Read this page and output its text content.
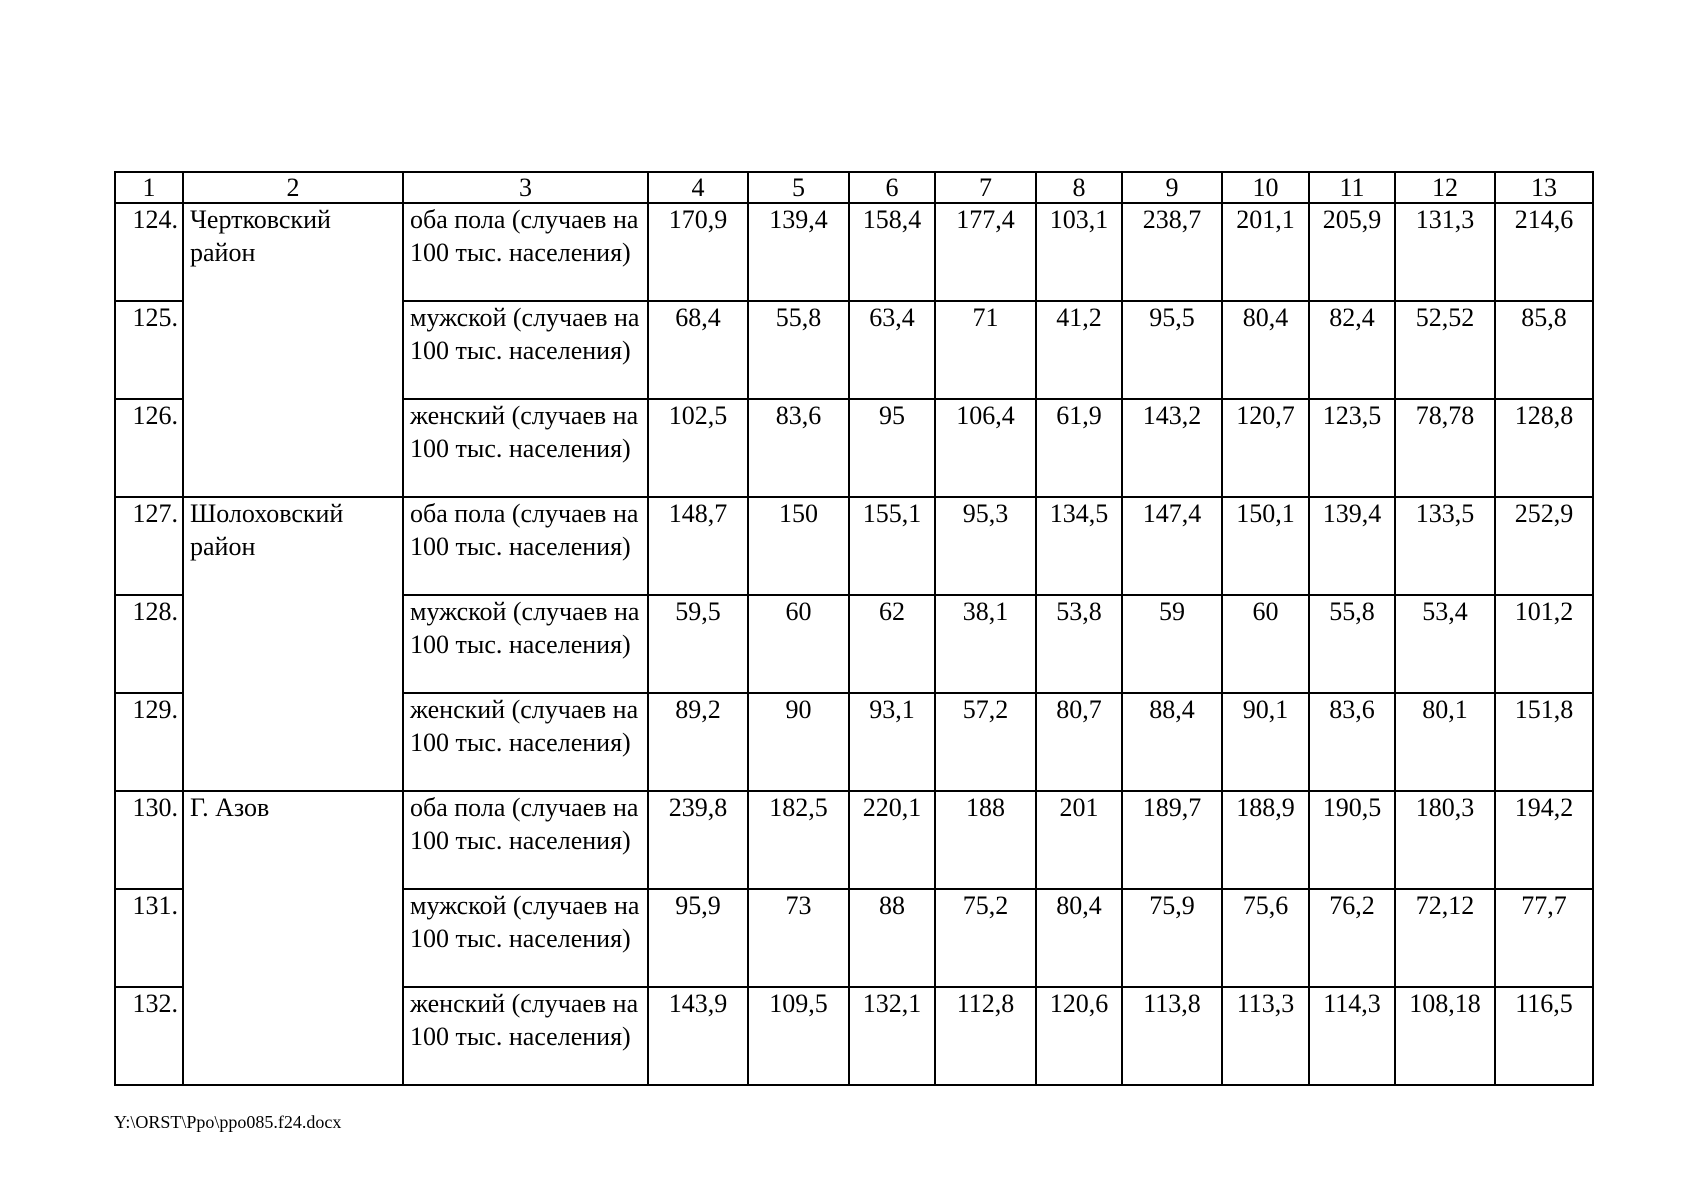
1	2	3	4	5	6	7	8	9	10	11	12	13
124.	Чертковский район	оба пола (случаев на 100 тыс. населения)	170,9	139,4	158,4	177,4	103,1	238,7	201,1	205,9	131,3	214,6
125.		мужской (случаев на 100 тыс. населения)	68,4	55,8	63,4	71	41,2	95,5	80,4	82,4	52,52	85,8
126.		женский (случаев на 100 тыс. населения)	102,5	83,6	95	106,4	61,9	143,2	120,7	123,5	78,78	128,8
127.	Шолоховский район	оба пола (случаев на 100 тыс. населения)	148,7	150	155,1	95,3	134,5	147,4	150,1	139,4	133,5	252,9
128.		мужской (случаев на 100 тыс. населения)	59,5	60	62	38,1	53,8	59	60	55,8	53,4	101,2
129.		женский (случаев на 100 тыс. населения)	89,2	90	93,1	57,2	80,7	88,4	90,1	83,6	80,1	151,8
130.	Г. Азов	оба пола (случаев на 100 тыс. населения)	239,8	182,5	220,1	188	201	189,7	188,9	190,5	180,3	194,2
131.		мужской (случаев на 100 тыс. населения)	95,9	73	88	75,2	80,4	75,9	75,6	76,2	72,12	77,7
132.		женский (случаев на 100 тыс. населения)	143,9	109,5	132,1	112,8	120,6	113,8	113,3	114,3	108,18	116,5
Y:\ORST\Ppo\ppo085.f24.docx
